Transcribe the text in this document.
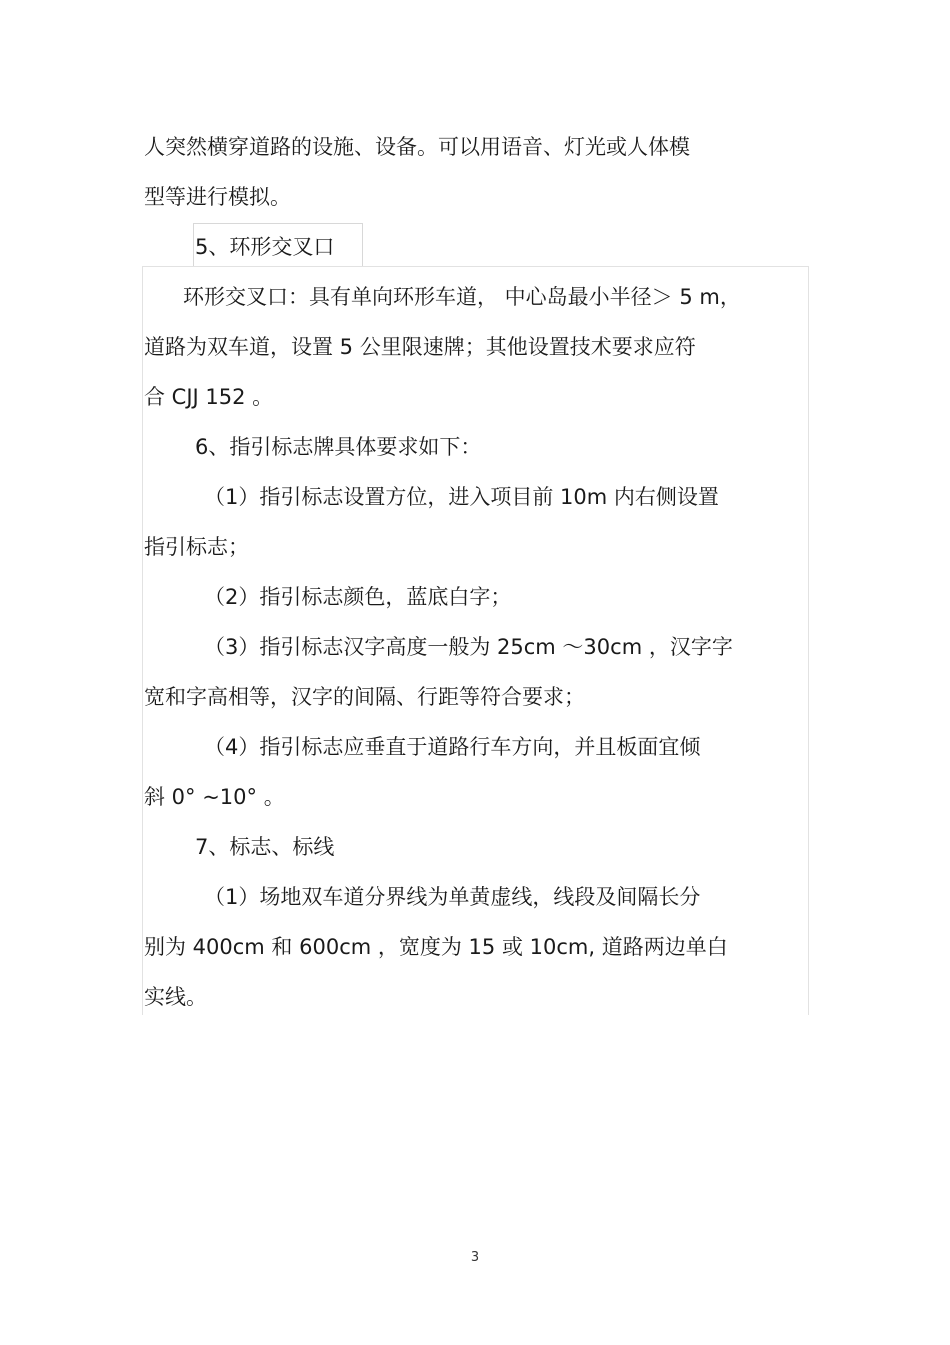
人突然横穿道路的设施、设备。可以用语音、灯光或人体模

型等进行模拟。

5、环形交叉口

环形交叉口：具有单向环形车道， 中心岛最小半径＞ 5 m，

道路为双车道，设置 5 公里限速牌；其他设置技术要求应符

合 CJJ 152 。

6、指引标志牌具体要求如下：

（1）指引标志设置方位，进入项目前 10m 内右侧设置

指引标志；

（2）指引标志颜色，蓝底白字；

（3）指引标志汉字高度一般为 25cm ～30cm ，汉字字

宽和字高相等，汉字的间隔、行距等符合要求；

（4）指引标志应垂直于道路行车方向，并且板面宜倾

斜 0° ~10° 。

7、标志、标线

（1）场地双车道分界线为单黄虚线，线段及间隔长分

别为 400cm 和 600cm ，宽度为 15 或 10cm, 道路两边单白

实线。

3
